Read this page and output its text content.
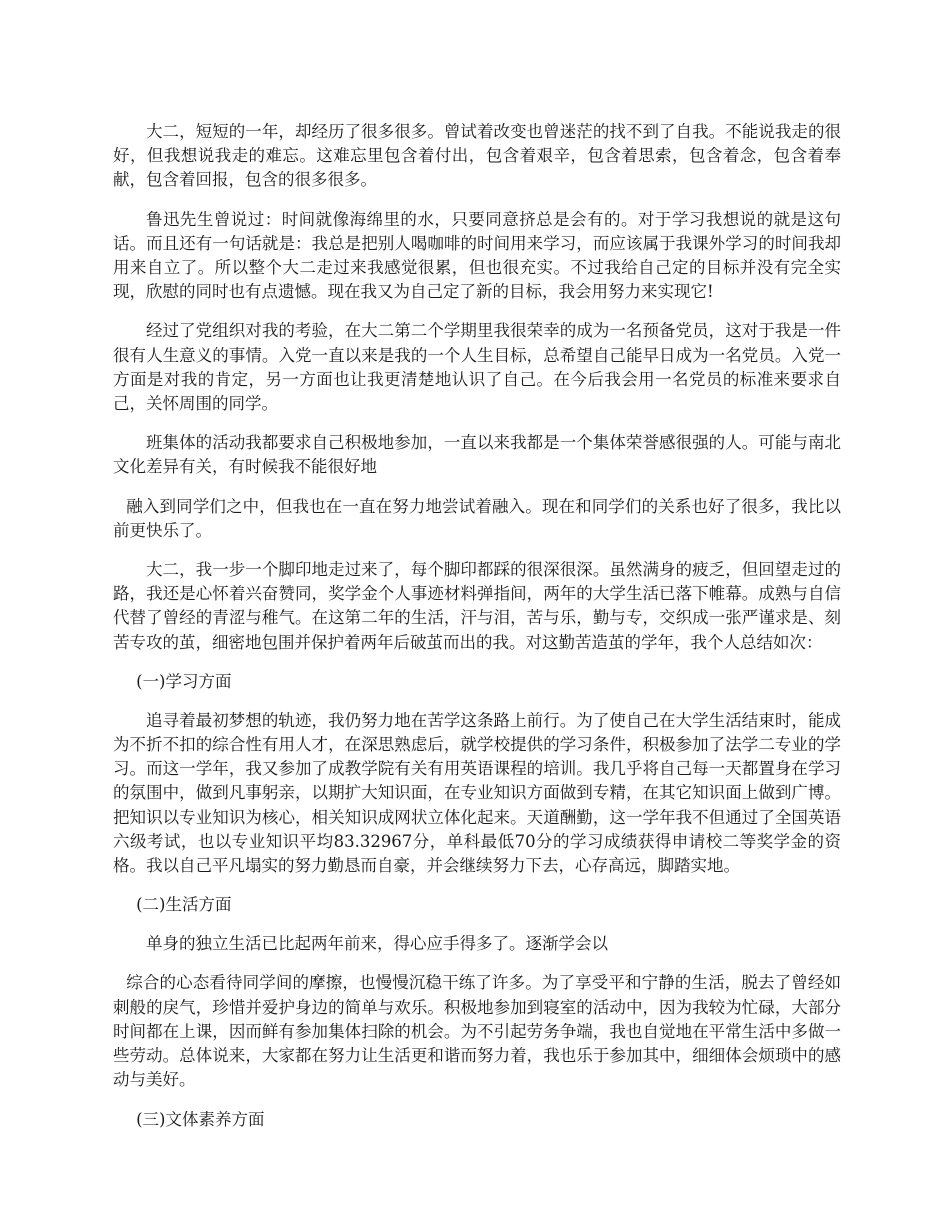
大二，短短的一年，却经历了很多很多。曾试着改变也曾迷茫的找不到了自我。不能说我走的很好，但我想说我走的难忘。这难忘里包含着付出，包含着艰辛，包含着思索，包含着念，包含着奉献，包含着回报，包含的很多很多。

鲁迅先生曾说过：时间就像海绵里的水，只要同意挤总是会有的。对于学习我想说的就是这句话。而且还有一句话就是：我总是把别人喝咖啡的时间用来学习，而应该属于我课外学习的时间我却用来自立了。所以整个大二走过来我感觉很累，但也很充实。不过我给自己定的目标并没有完全实现，欣慰的同时也有点遗憾。现在我又为自己定了新的目标，我会用努力来实现它!

经过了党组织对我的考验，在大二第二个学期里我很荣幸的成为一名预备党员，这对于我是一件很有人生意义的事情。入党一直以来是我的一个人生目标，总希望自己能早日成为一名党员。入党一方面是对我的肯定，另一方面也让我更清楚地认识了自己。在今后我会用一名党员的标准来要求自己，关怀周围的同学。

班集体的活动我都要求自己积极地参加，一直以来我都是一个集体荣誉感很强的人。可能与南北文化差异有关，有时候我不能很好地

融入到同学们之中，但我也在一直在努力地尝试着融入。现在和同学们的关系也好了很多，我比以前更快乐了。

大二，我一步一个脚印地走过来了，每个脚印都踩的很深很深。虽然满身的疲乏，但回望走过的路，我还是心怀着兴奋赞同，奖学金个人事迹材料弹指间，两年的大学生活已落下帷幕。成熟与自信代替了曾经的青涩与稚气。在这第二年的生活，汗与泪，苦与乐，勤与专，交织成一张严谨求是、刻苦专攻的茧，细密地包围并保护着两年后破茧而出的我。对这勤苦造茧的学年，我个人总结如次：

(一)学习方面

追寻着最初梦想的轨迹，我仍努力地在苦学这条路上前行。为了使自己在大学生活结束时，能成为不折不扣的综合性有用人才，在深思熟虑后，就学校提供的学习条件，积极参加了法学二专业的学习。而这一学年，我又参加了成教学院有关有用英语课程的培训。我几乎将自己每一天都置身在学习的氛围中，做到凡事躬亲，以期扩大知识面，在专业知识方面做到专精，在其它知识面上做到广博。把知识以专业知识为核心，相关知识成网状立体化起来。天道酬勤，这一学年我不但通过了全国英语六级考试，也以专业知识平均83.32967分，单科最低70分的学习成绩获得申请校二等奖学金的资格。我以自己平凡塌实的努力勤恳而自豪，并会继续努力下去，心存高远，脚踏实地。

(二)生活方面

单身的独立生活已比起两年前来，得心应手得多了。逐渐学会以

综合的心态看待同学间的摩擦，也慢慢沉稳干练了许多。为了享受平和宁静的生活，脱去了曾经如刺般的戾气，珍惜并爱护身边的简单与欢乐。积极地参加到寝室的活动中，因为我较为忙碌，大部分时间都在上课，因而鲜有参加集体扫除的机会。为不引起劳务争端，我也自觉地在平常生活中多做一些劳动。总体说来，大家都在努力让生活更和谐而努力着，我也乐于参加其中，细细体会烦琐中的感动与美好。

(三)文体素养方面
